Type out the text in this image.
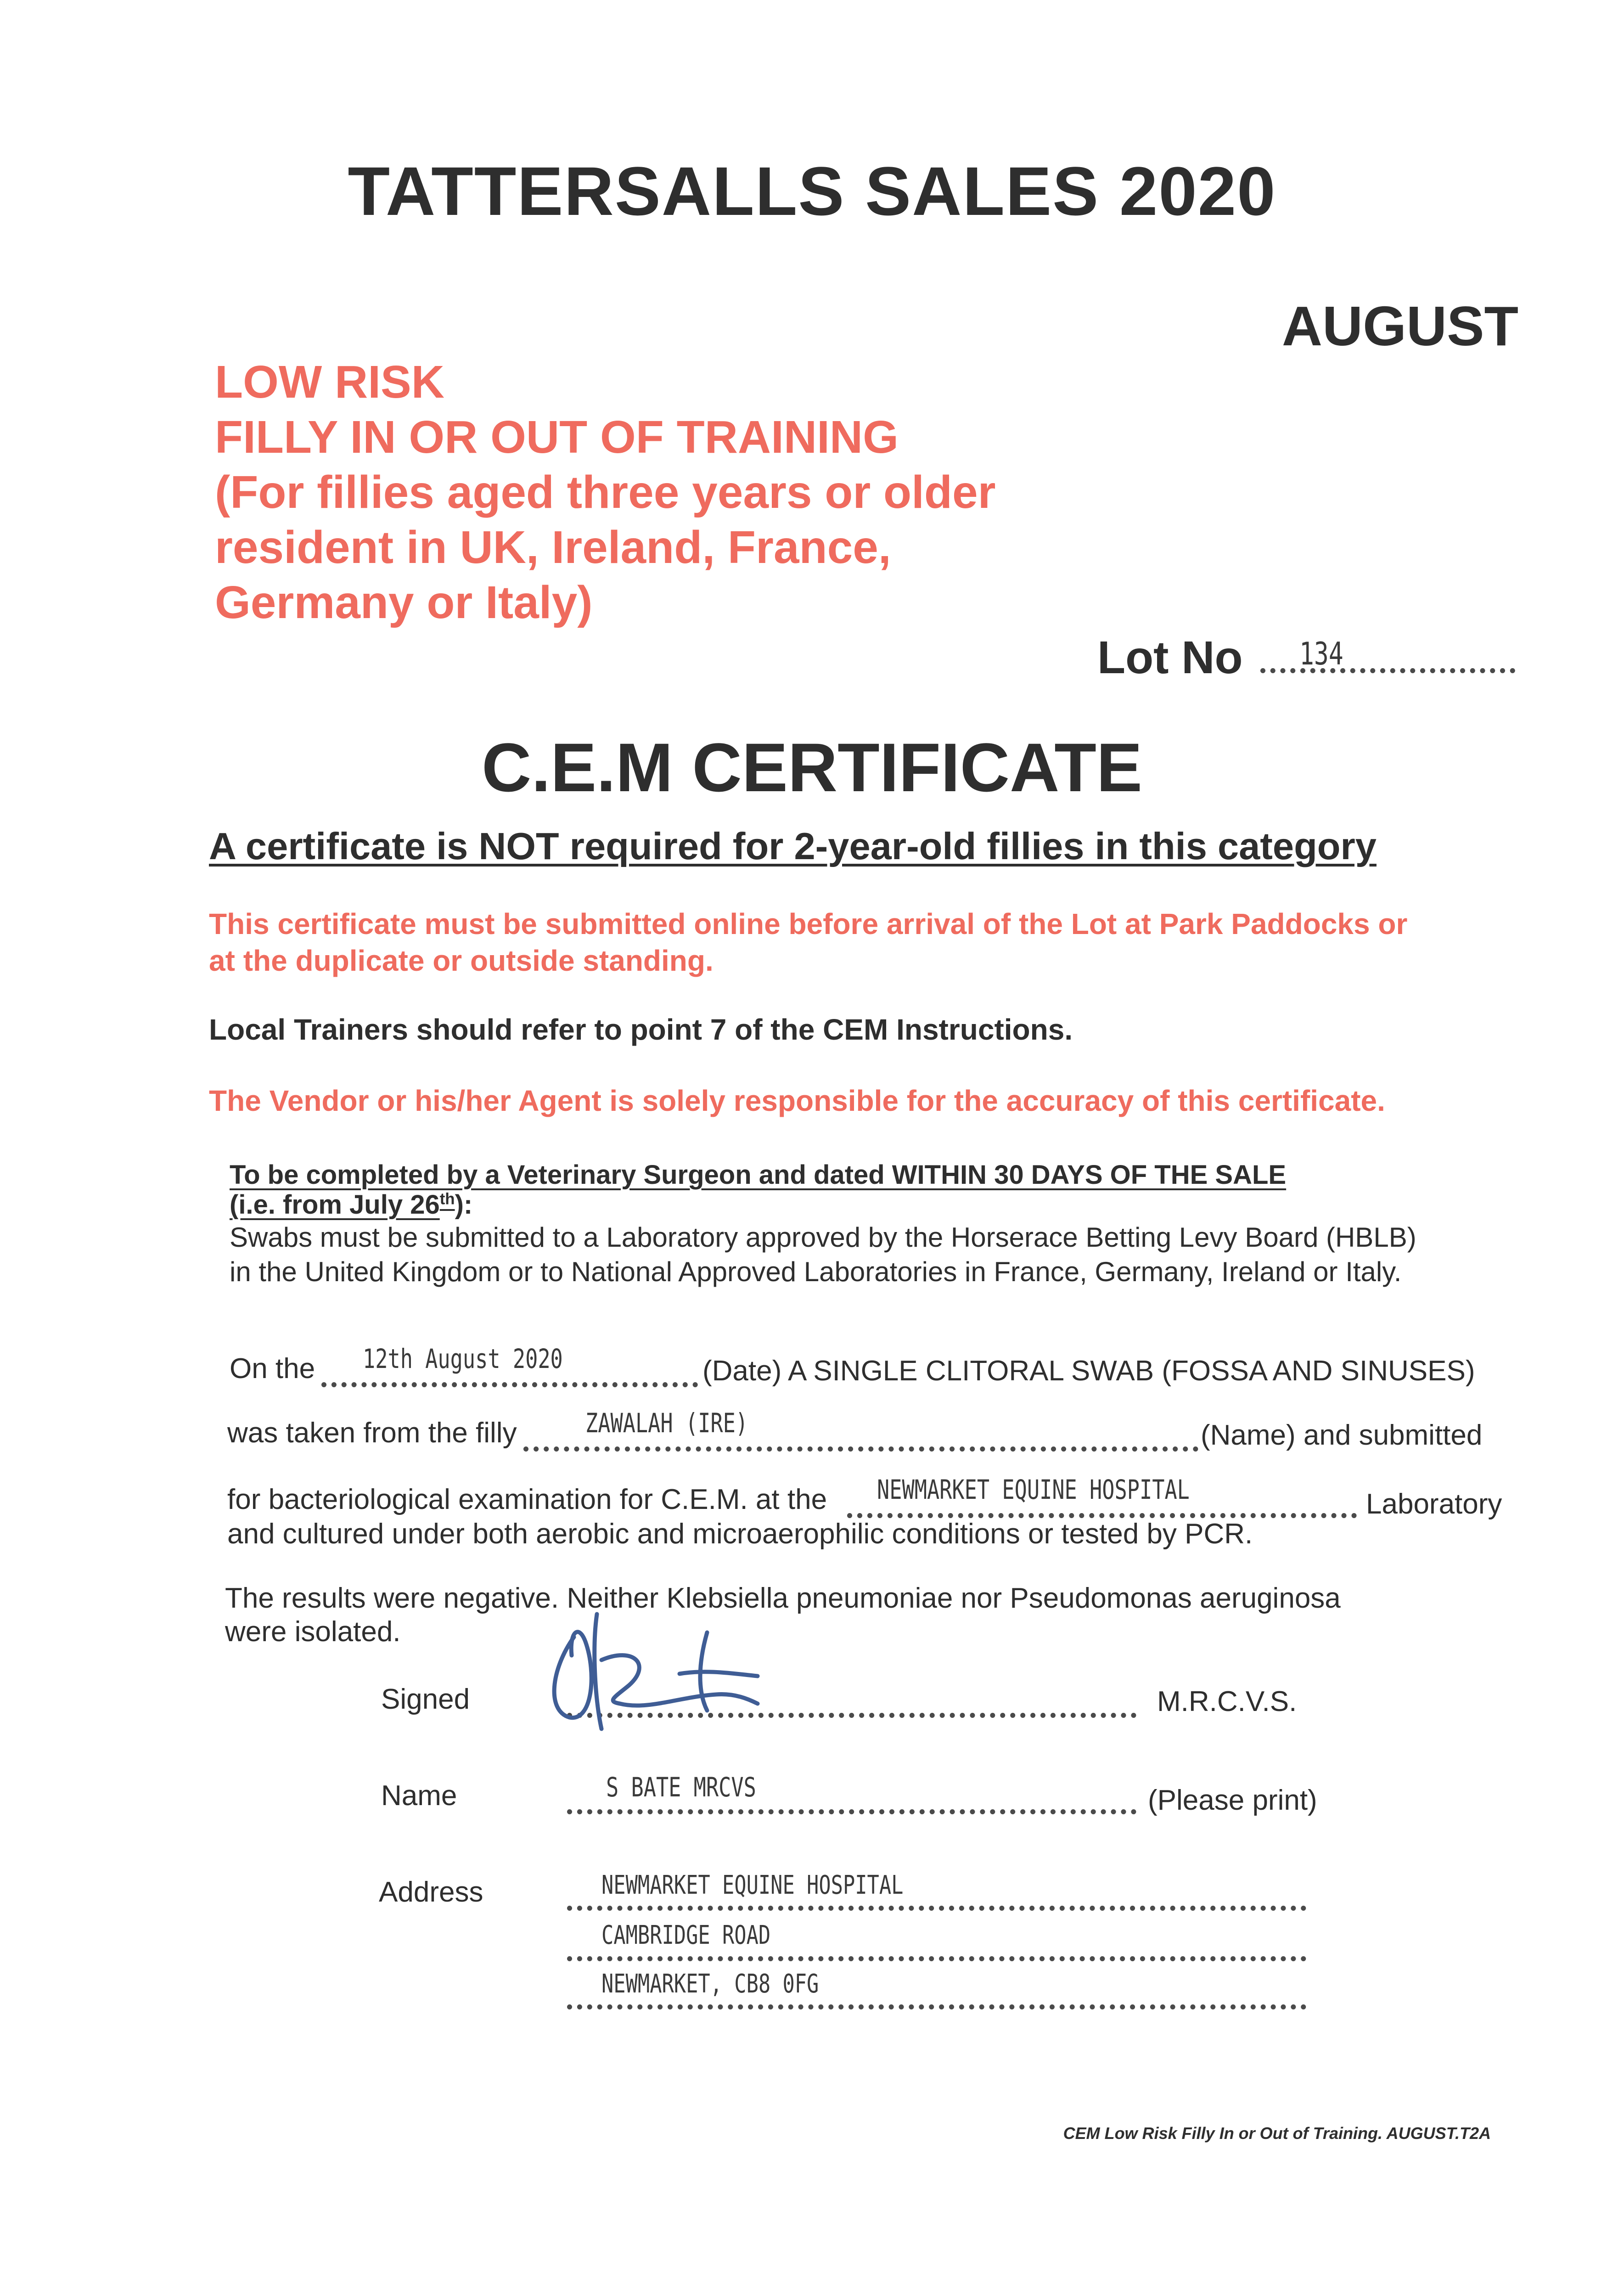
TATTERSALLS SALES 2020
AUGUST
LOW RISK
FILLY IN OR OUT OF TRAINING
(For fillies aged three years or older
resident in UK, Ireland, France,
Germany or Italy)
Lot No 134
C.E.M CERTIFICATE
A certificate is NOT required for 2-year-old fillies in this category
This certificate must be submitted online before arrival of the Lot at Park Paddocks or
at the duplicate or outside standing.
Local Trainers should refer to point 7 of the CEM Instructions.
The Vendor or his/her Agent is solely responsible for the accuracy of this certificate.
To be completed by a Veterinary Surgeon and dated WITHIN 30 DAYS OF THE SALE
(i.e. from July 26th):
Swabs must be submitted to a Laboratory approved by the Horserace Betting Levy Board (HBLB)
in the United Kingdom or to National Approved Laboratories in France, Germany, Ireland or Italy.
On the 12th August 2020	(Date) A SINGLE CLITORAL SWAB (FOSSA AND SINUSES)
was taken from the filly	ZAWALAH (IRE)	(Name) and submitted
for bacteriological examination for C.E.M. at the NEWMARKET EQUINE HOSPITAL	Laboratory
and cultured under both aerobic and microaerophilic conditions or tested by PCR.
The results were negative. Neither Klebsiella pneumoniae nor Pseudomonas aeruginosa
were isolated.
Signed	M.R.C.V.S.
Name	S BATE MRCVS	(Please print)
Address	NEWMARKET EQUINE HOSPITAL
CAMBRIDGE ROAD
NEWMARKET, CB8 0FG
CEM Low Risk Filly In or Out of Training. AUGUST.T2A
